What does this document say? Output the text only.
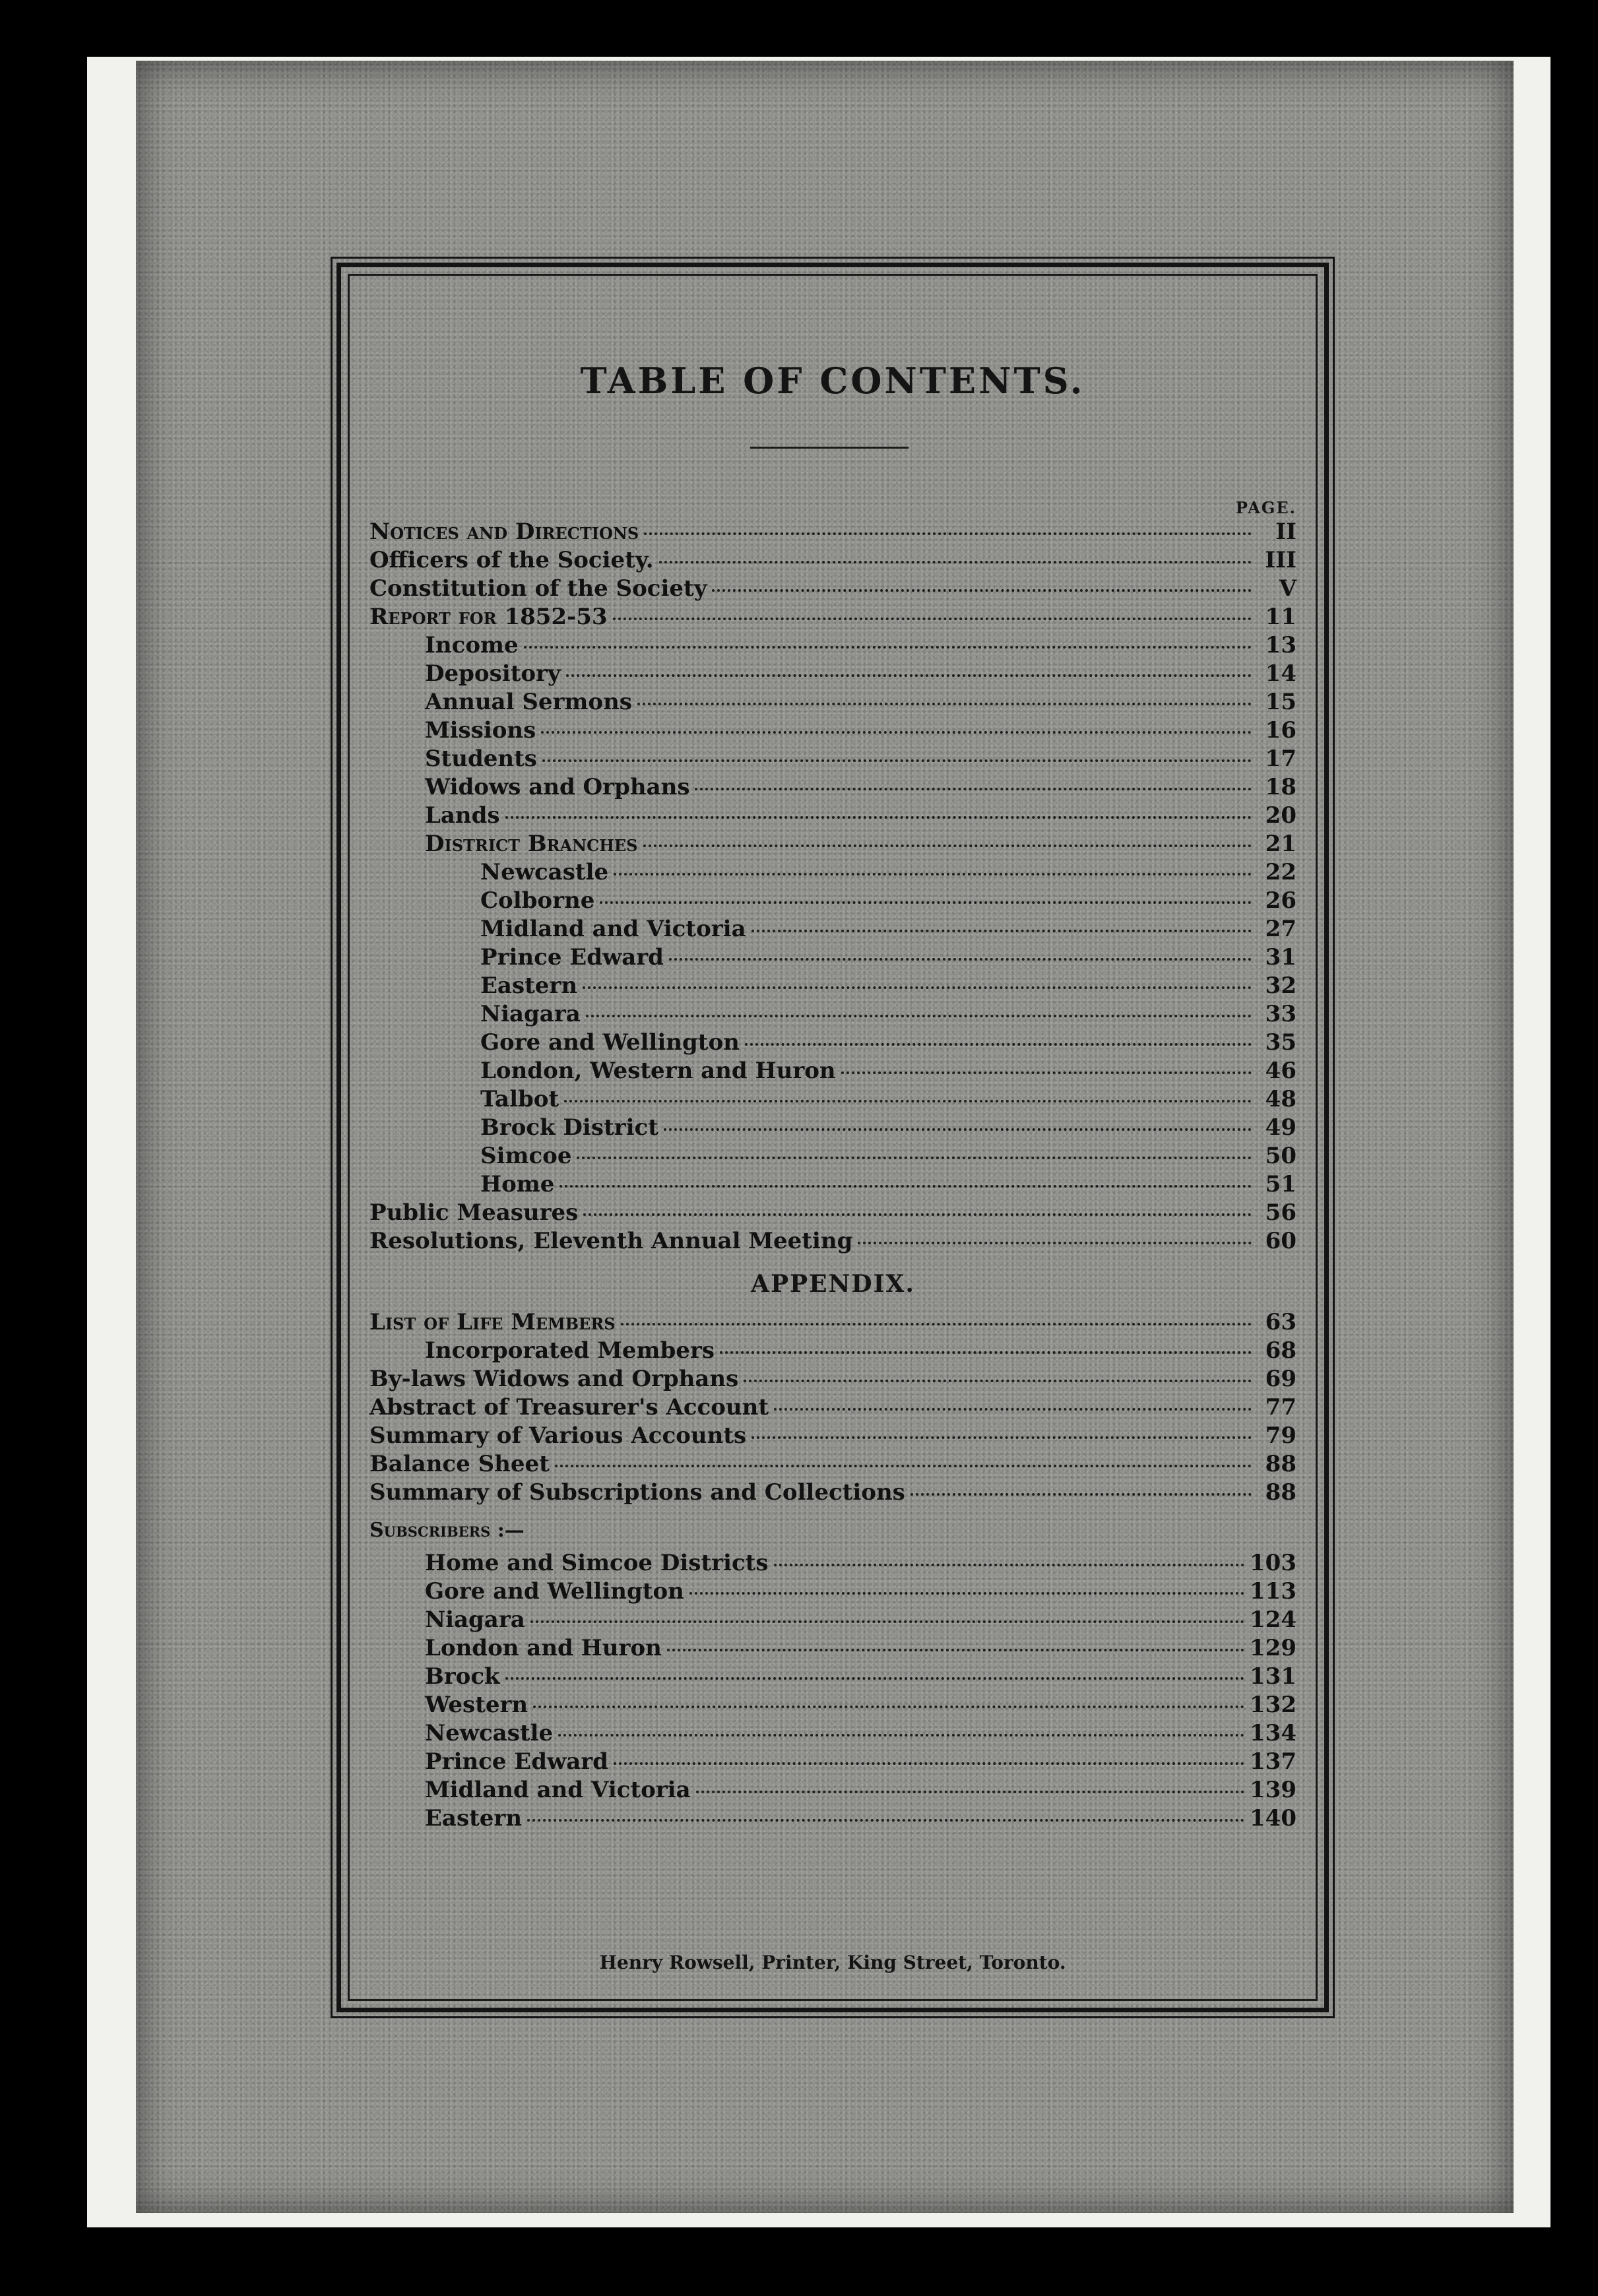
TABLE OF CONTENTS.
PAGE.
Notices and Directions	II
Officers of the Society.	III
Constitution of the Society	V
Report for 1852-53	11
Income	13
Depository	14
Annual Sermons	15
Missions	16
Students	17
Widows and Orphans	18
Lands	20
District Branches	21
Newcastle	22
Colborne	26
Midland and Victoria	27
Prince Edward	31
Eastern	32
Niagara	33
Gore and Wellington	35
London, Western and Huron	46
Talbot	48
Brock District	49
Simcoe	50
Home	51
Public Measures	56
Resolutions, Eleventh Annual Meeting	60
APPENDIX.
List of Life Members	63
Incorporated Members	68
By-laws Widows and Orphans	69
Abstract of Treasurer's Account	77
Summary of Various Accounts	79
Balance Sheet	88
Summary of Subscriptions and Collections	88
Subscribers :—
Home and Simcoe Districts	103
Gore and Wellington	113
Niagara	124
London and Huron	129
Brock	131
Western	132
Newcastle	134
Prince Edward	137
Midland and Victoria	139
Eastern	140
Henry Rowsell, Printer, King Street, Toronto.
